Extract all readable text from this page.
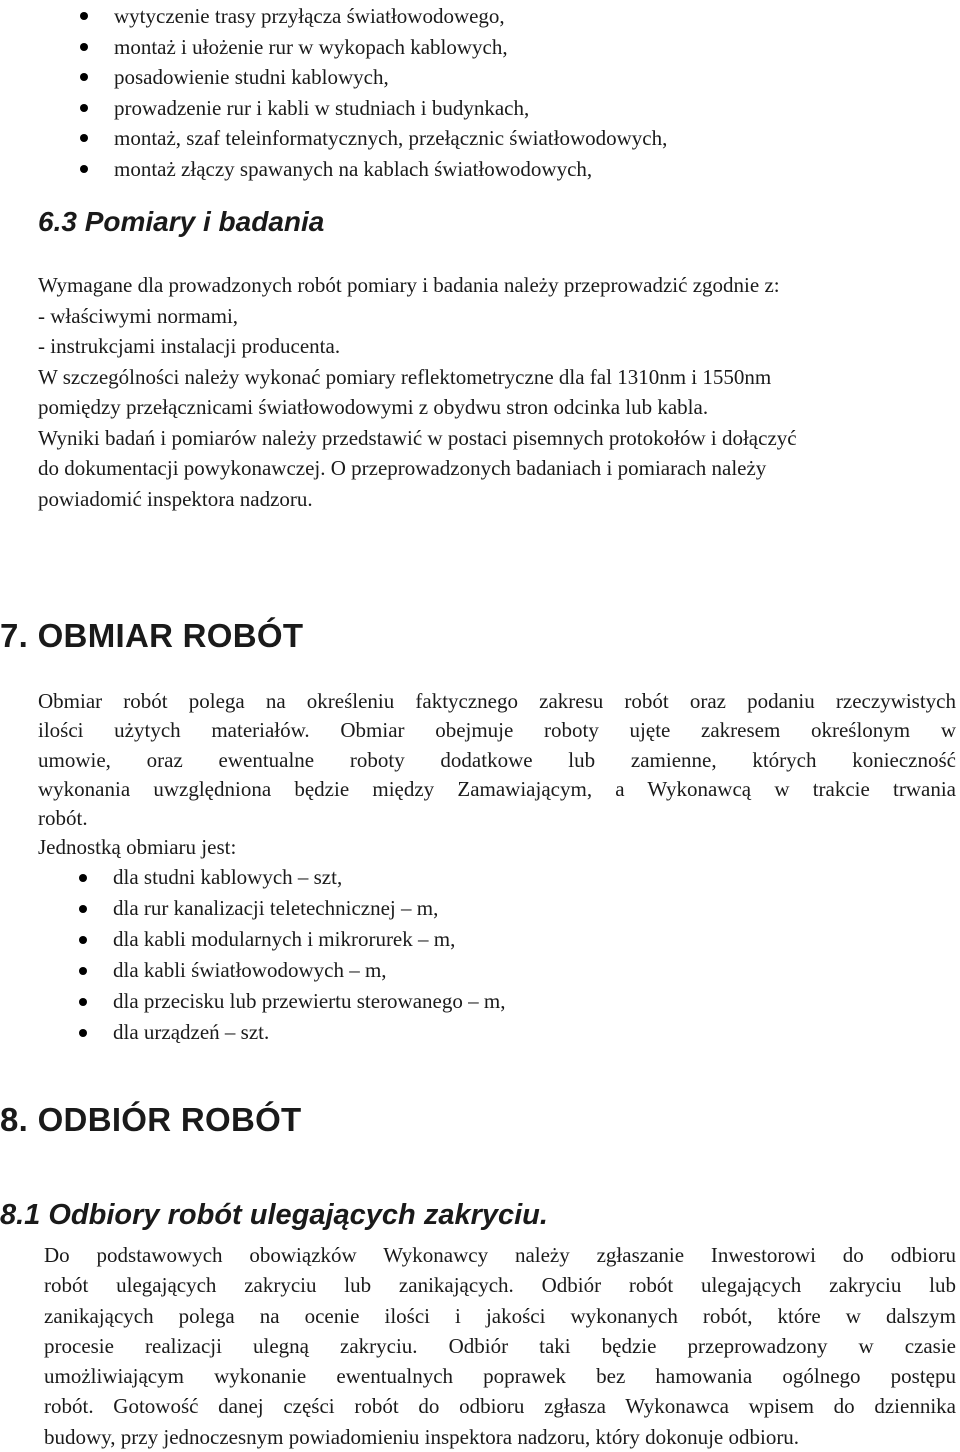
wytyczenie trasy przyłącza światłowodowego,
montaż i ułożenie rur w wykopach kablowych,
posadowienie studni kablowych,
prowadzenie rur i kabli w studniach i budynkach,
montaż, szaf teleinformatycznych, przełącznic światłowodowych,
montaż złączy spawanych na kablach światłowodowych,
6.3 Pomiary i badania
Wymagane dla prowadzonych robót pomiary i badania należy przeprowadzić zgodnie z:
- właściwymi normami,
- instrukcjami instalacji producenta.
W szczególności należy wykonać pomiary reflektometryczne dla fal 1310nm i 1550nm
pomiędzy przełącznicami światłowodowymi z obydwu stron odcinka lub kabla.
Wyniki badań i pomiarów należy przedstawić w postaci pisemnych protokołów i dołączyć
do dokumentacji powykonawczej. O przeprowadzonych badaniach i pomiarach należy
powiadomić inspektora nadzoru.
7. OBMIAR ROBÓT
Obmiar robót polega na określeniu faktycznego zakresu robót oraz podaniu rzeczywistych
ilości użytych materiałów. Obmiar obejmuje roboty ujęte zakresem określonym w
umowie, oraz ewentualne roboty dodatkowe lub zamienne, których konieczność
wykonania uwzględniona będzie między Zamawiającym, a Wykonawcą w trakcie trwania
robót.
Jednostką obmiaru jest:
dla studni kablowych – szt,
dla rur kanalizacji teletechnicznej – m,
dla kabli modularnych i mikrorurek – m,
dla kabli światłowodowych – m,
dla przecisku lub przewiertu sterowanego – m,
dla urządzeń – szt.
8. ODBIÓR ROBÓT
8.1 Odbiory robót ulegających zakryciu.
Do podstawowych obowiązków Wykonawcy należy zgłaszanie Inwestorowi do odbioru
robót ulegających zakryciu lub zanikających. Odbiór robót ulegających zakryciu lub
zanikających polega na ocenie ilości i jakości wykonanych robót, które w dalszym
procesie realizacji ulegną zakryciu. Odbiór taki będzie przeprowadzony w czasie
umożliwiającym wykonanie ewentualnych poprawek bez hamowania ogólnego postępu
robót. Gotowość danej części robót do odbioru zgłasza Wykonawca wpisem do dziennika
budowy, przy jednoczesnym powiadomieniu inspektora nadzoru, który dokonuje odbioru.
